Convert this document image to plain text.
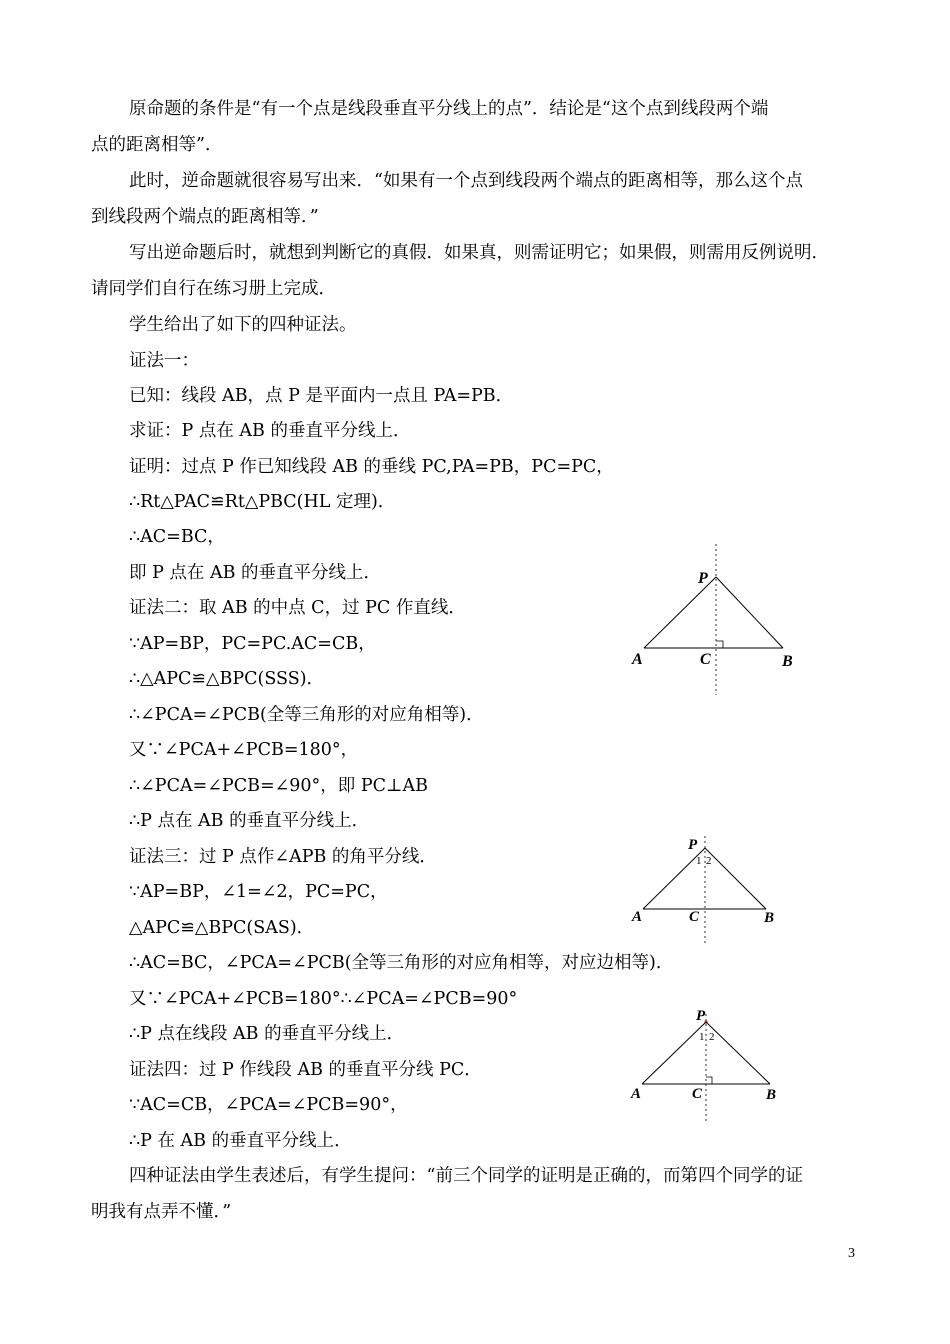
原命题的条件是“有一个点是线段垂直平分线上的点”．结论是“这个点到线段两个端
点的距离相等”．
此时，逆命题就很容易写出来．“如果有一个点到线段两个端点的距离相等，那么这个点
到线段两个端点的距离相等．”
写出逆命题后时，就想到判断它的真假．如果真，则需证明它；如果假，则需用反例说明．
请同学们自行在练习册上完成．
学生给出了如下的四种证法。
证法一：
已知：线段 AB，点 P 是平面内一点且 PA=PB．
求证：P 点在 AB 的垂直平分线上．
证明：过点 P 作已知线段 AB 的垂线 PC,PA=PB，PC=PC，
∴Rt△PAC≌Rt△PBC(HL 定理)．
∴AC=BC，
即 P 点在 AB 的垂直平分线上．
证法二：取 AB 的中点 C，过 PC 作直线．
∵AP=BP，PC=PC.AC=CB，
∴△APC≌△BPC(SSS)．
∴∠PCA=∠PCB(全等三角形的对应角相等)．
又∵∠PCA+∠PCB=180°，
∴∠PCA=∠PCB=∠90°，即 PC⊥AB
∴P 点在 AB 的垂直平分线上．
证法三：过 P 点作∠APB 的角平分线．
∵AP=BP，∠1=∠2，PC=PC，
△APC≌△BPC(SAS)．
∴AC=BC，∠PCA=∠PCB(全等三角形的对应角相等，对应边相等)．
又∵∠PCA+∠PCB=180°∴∠PCA=∠PCB=90°
∴P 点在线段 AB 的垂直平分线上．
证法四：过 P 作线段 AB 的垂直平分线 PC．
∵AC=CB，∠PCA=∠PCB=90°，
∴P 在 AB 的垂直平分线上．
四种证法由学生表述后，有学生提问：“前三个同学的证明是正确的，而第四个同学的证
明我有点弄不懂．”
P
A	C	B
P
1 2
A	C	B
P
1 2
A	C	B
3
